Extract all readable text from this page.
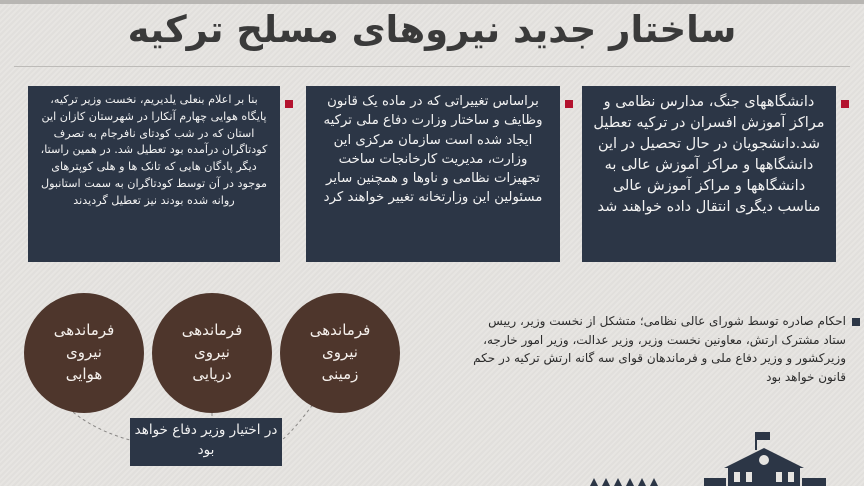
ساختار جدید نیروهای مسلح ترکیه
دانشگاههای جنگ، مدارس نظامی و مراکز آموزش افسران در ترکیه تعطیل شد.دانشجویان در حال تحصیل در این دانشگاهها و مراکز آموزش عالی به دانشگاهها و مراکز آموزش عالی مناسب دیگری انتقال داده خواهند شد
براساس تغییراتی که در ماده یک قانون وظایف و ساختار وزارت دفاع ملی ترکیه ایجاد شده است سازمان مرکزی این وزارت، مدیریت کارخانجات ساخت تجهیزات نظامی و ناوها و همچنین سایر مسئولین این وزارتخانه تغییر خواهند کرد
بنا بر اعلام بنعلی یلدیریم، نخست وزیر ترکیه، پایگاه هوایی چهارم آنکارا در شهرستان کازان این استان که در شب کودتای نافرجام به تصرف کودتاگران درآمده بود تعطیل شد. در همین راستا، دیگر پادگان هایی که تانک ها و هلی کوپترهای موجود در آن توسط کودتاگران به سمت استانبول روانه شده بودند نیز تعطیل گردیدند
فرماندهی
نیروی
هوایی
فرماندهی
نیروی
دریایی
فرماندهی
نیروی
زمینی
در اختیار وزیر دفاع خواهد بود
احکام صادره توسط شورای عالی نظامی؛ متشکل از نخست وزیر، رییس ستاد مشترک ارتش، معاونین نخست وزیر، وزیر عدالت، وزیر امور خارجه، وزیرکشور و وزیر دفاع ملی و فرماندهان قوای سه گانه ارتش ترکیه در حکم قانون خواهد بود
